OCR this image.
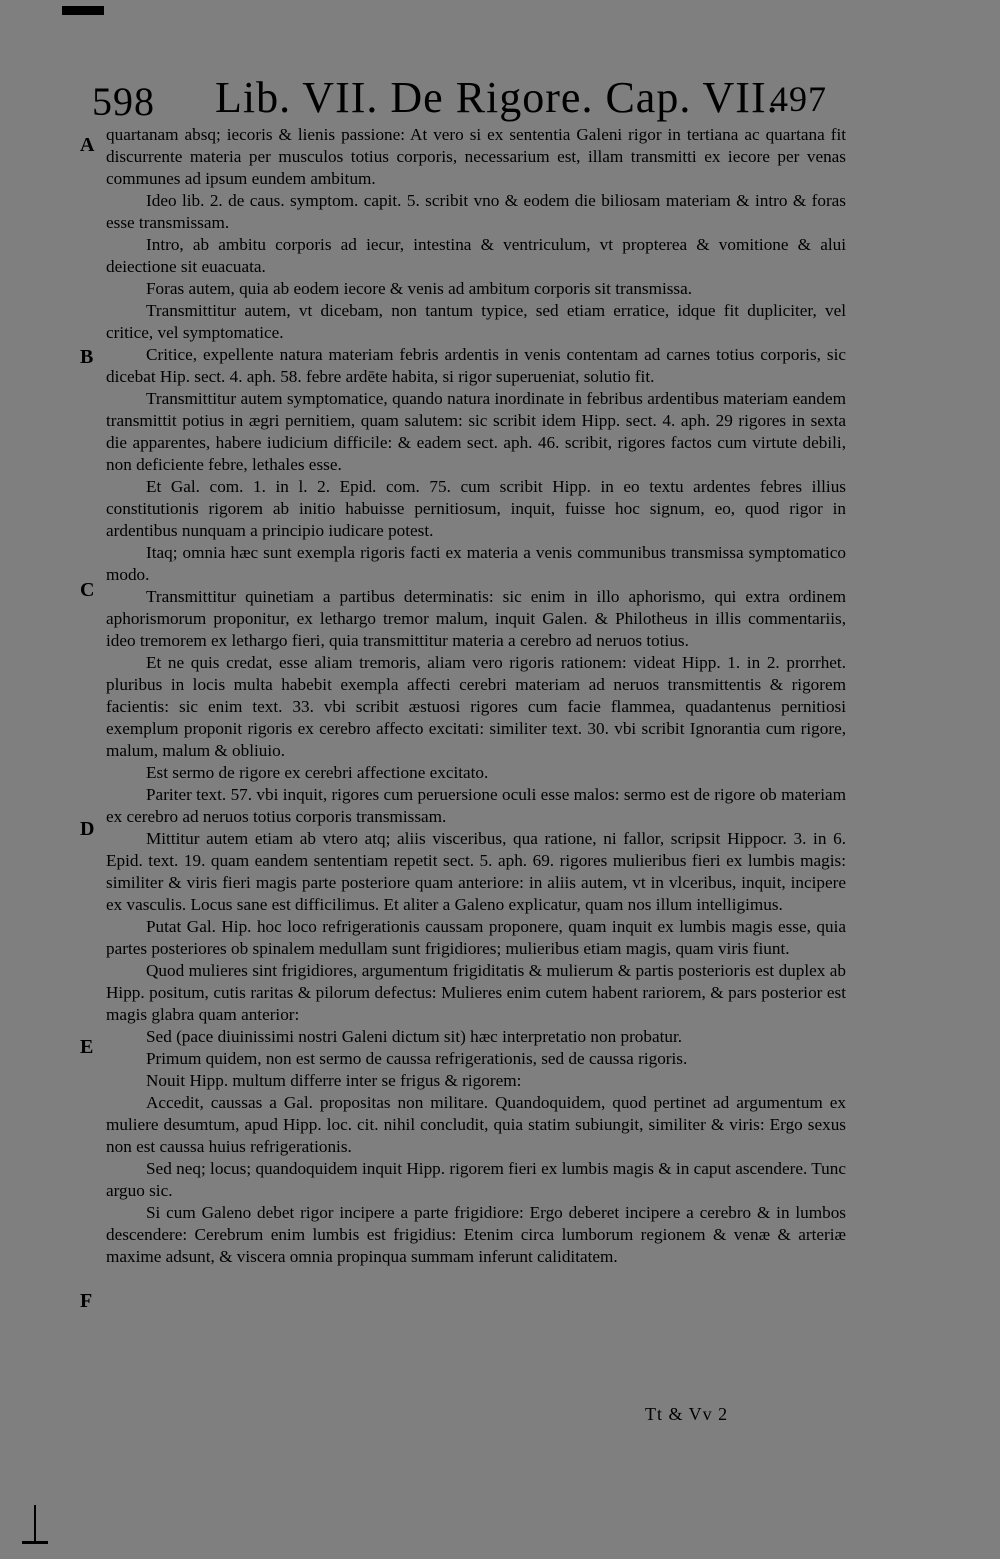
598 Lib. VII. De Rigore. Cap. VII.
497
A
B
C
D
E
F

quartanam absq; iecoris & lienis passione: At vero si ex sententia Galeni rigor in tertiana ac quartana fit discurrente materia per musculos totius corporis, necessarium est, illam transmitti ex iecore per venas communes ad ipsum eundem ambitum.

Ideo lib. 2. de caus. symptom. capit. 5. scribit vno & eodem die biliosam materiam & intro & foras esse transmissam.

Intro, ab ambitu corporis ad iecur, intestina & ventriculum, vt propterea & vomitione & alui deiectione sit euacuata.

Foras autem, quia ab eodem iecore & venis ad ambitum corporis sit transmissa.

Transmittitur autem, vt dicebam, non tantum typice, sed etiam erratice, idque fit dupliciter, vel critice, vel symptomatice.

Critice, expellente natura materiam febris ardentis in venis contentam ad carnes totius corporis, sic dicebat Hip. sect. 4. aph. 58. febre ardēte habita, si rigor superueniat, solutio fit.

Transmittitur autem symptomatice, quando natura inordinate in febribus ardentibus materiam eandem transmittit potius in ægri pernitiem, quam salutem: sic scribit idem Hipp. sect. 4. aph. 29 rigores in sexta die apparentes, habere iudicium difficile: & eadem sect. aph. 46. scribit, rigores factos cum virtute debili, non deficiente febre, lethales esse.

Et Gal. com. 1. in l. 2. Epid. com. 75. cum scribit Hipp. in eo textu ardentes febres illius constitutionis rigorem ab initio habuisse pernitiosum, inquit, fuisse hoc signum, eo, quod rigor in ardentibus nunquam a principio iudicare potest.

Itaq; omnia hæc sunt exempla rigoris facti ex materia a venis communibus transmissa symptomatico modo.

Transmittitur quinetiam a partibus determinatis: sic enim in illo aphorismo, qui extra ordinem aphorismorum proponitur, ex lethargo tremor malum, inquit Galen. & Philotheus in illis commentariis, ideo tremorem ex lethargo fieri, quia transmittitur materia a cerebro ad neruos totius.

Et ne quis credat, esse aliam tremoris, aliam vero rigoris rationem: videat Hipp. 1. in 2. prorrhet. pluribus in locis multa habebit exempla affecti cerebri materiam ad neruos transmittentis & rigorem facientis: sic enim text. 33. vbi scribit æstuosi rigores cum facie flammea, quadantenus pernitiosi exemplum proponit rigoris ex cerebro affecto excitati: similiter text. 30. vbi scribit Ignorantia cum rigore, malum, malum & obliuio.

Est sermo de rigore ex cerebri affectione excitato.

Pariter text. 57. vbi inquit, rigores cum peruersione oculi esse malos: sermo est de rigore ob materiam ex cerebro ad neruos totius corporis transmissam.

Mittitur autem etiam ab vtero atq; aliis visceribus, qua ratione, ni fallor, scripsit Hippocr. 3. in 6. Epid. text. 19. quam eandem sententiam repetit sect. 5. aph. 69. rigores mulieribus fieri ex lumbis magis: similiter & viris fieri magis parte posteriore quam anteriore: in aliis autem, vt in vlceribus, inquit, incipere ex vasculis. Locus sane est difficilimus. Et aliter a Galeno explicatur, quam nos illum intelligimus.

Putat Gal. Hip. hoc loco refrigerationis caussam proponere, quam inquit ex lumbis magis esse, quia partes posteriores ob spinalem medullam sunt frigidiores; mulieribus etiam magis, quam viris fiunt.

Quod mulieres sint frigidiores, argumentum frigiditatis & mulierum & partis posterioris est duplex ab Hipp. positum, cutis raritas & pilorum defectus: Mulieres enim cutem habent rariorem, & pars posterior est magis glabra quam anterior:

Sed (pace diuinissimi nostri Galeni dictum sit) hæc interpretatio non probatur.

Primum quidem, non est sermo de caussa refrigerationis, sed de caussa rigoris.

Nouit Hipp. multum differre inter se frigus & rigorem:

Accedit, caussas a Gal. propositas non militare. Quandoquidem, quod pertinet ad argumentum ex muliere desumtum, apud Hipp. loc. cit. nihil concludit, quia statim subiungit, similiter & viris: Ergo sexus non est caussa huius refrigerationis.

Sed neq; locus; quandoquidem inquit Hipp. rigorem fieri ex lumbis magis & in caput ascendere. Tunc arguo sic.

Si cum Galeno debet rigor incipere a parte frigidiore: Ergo deberet incipere a cerebro & in lumbos descendere: Cerebrum enim lumbis est frigidius: Etenim circa lumborum regionem & venæ & arteriæ maxime adsunt, & viscera omnia propinqua summam inferunt caliditatem.

Tt & Vv 2
